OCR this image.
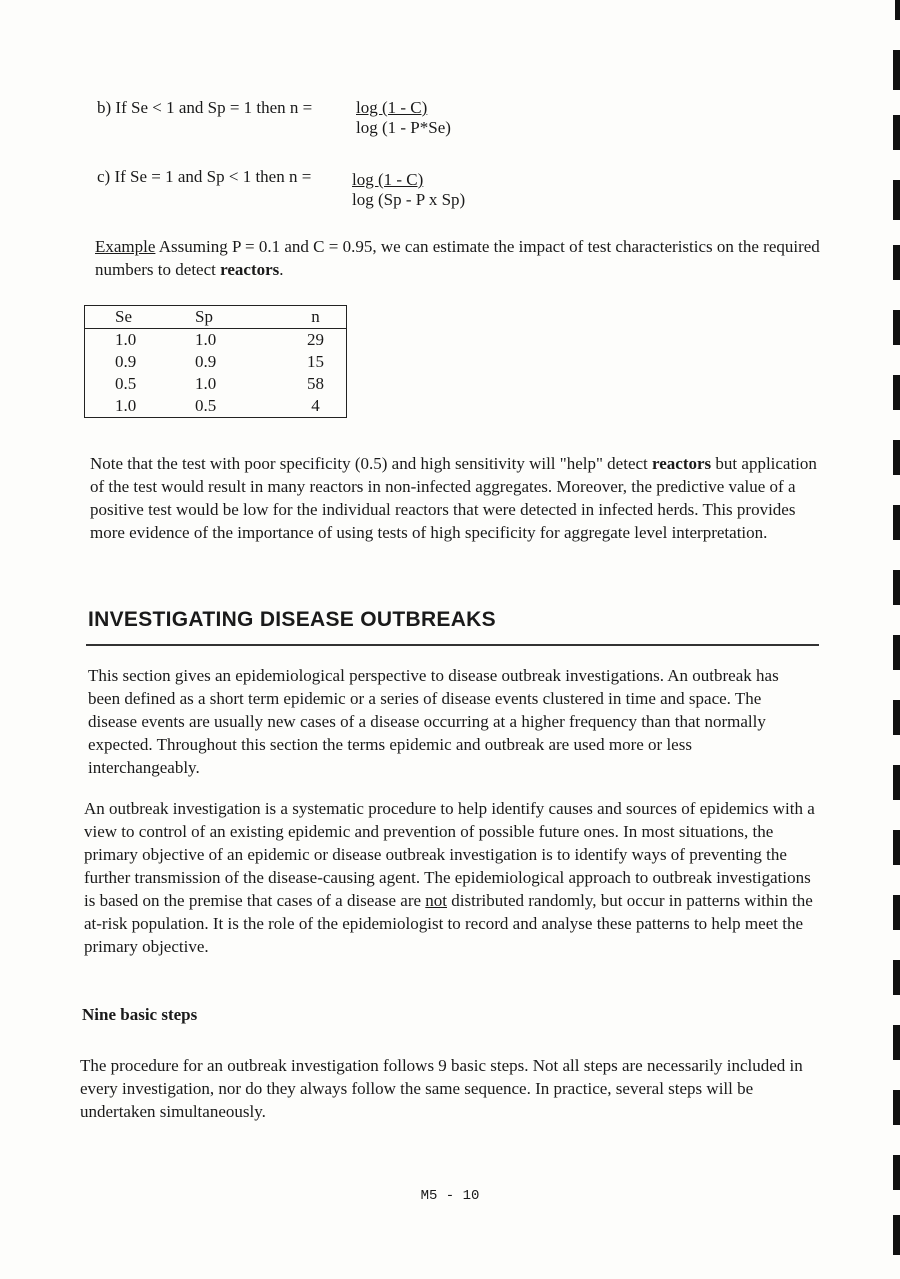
b) If Se < 1 and Sp = 1 then n =	$\frac{\log (1 - C)}{\log (1 - P*Se)}$
c) If Se = 1 and Sp < 1 then $n = \frac{\log (1 - C)}{\text{log (Sp - P x Sp)}}$

Example Assuming P = 0.1 and C = 0.95, we can estimate the impact of test characteristics on the required numbers to detect reactors.

Se	Sp	n
1.0	1.0	29
0.9	0.9	15
0.5	1.0	58
1.0	0.5	4

Note that the test with poor specificity (0.5) and high sensitivity will "help" detect reactors but application of the test would result in many reactors in non-infected aggregates. Moreover, the predictive value of a positive test would be low for the individual reactors that were detected in infected herds. This provides more evidence of the importance of using tests of high specificity for aggregate level interpretation.

INVESTIGATING DISEASE OUTBREAKS

This section gives an epidemiological perspective to disease outbreak investigations. An outbreak has been defined as a short term epidemic or a series of disease events clustered in time and space. The disease events are usually new cases of a disease occurring at a higher frequency than that normally expected. Throughout this section the terms epidemic and outbreak are used more or less interchangeably.

An outbreak investigation is a systematic procedure to help identify causes and sources of epidemics with a view to control of an existing epidemic and prevention of possible future ones. In most situations, the primary objective of an epidemic or disease outbreak investigation is to identify ways of preventing the further transmission of the disease-causing agent. The epidemiological approach to outbreak investigations is based on the premise that cases of a disease are not distributed randomly, but occur in patterns within the at-risk population. It is the role of the epidemiologist to record and analyse these patterns to help meet the primary objective.

Nine basic steps

The procedure for an outbreak investigation follows 9 basic steps. Not all steps are necessarily included in every investigation, nor do they always follow the same sequence. In practice, several steps will be undertaken simultaneously.

M5 - 10
